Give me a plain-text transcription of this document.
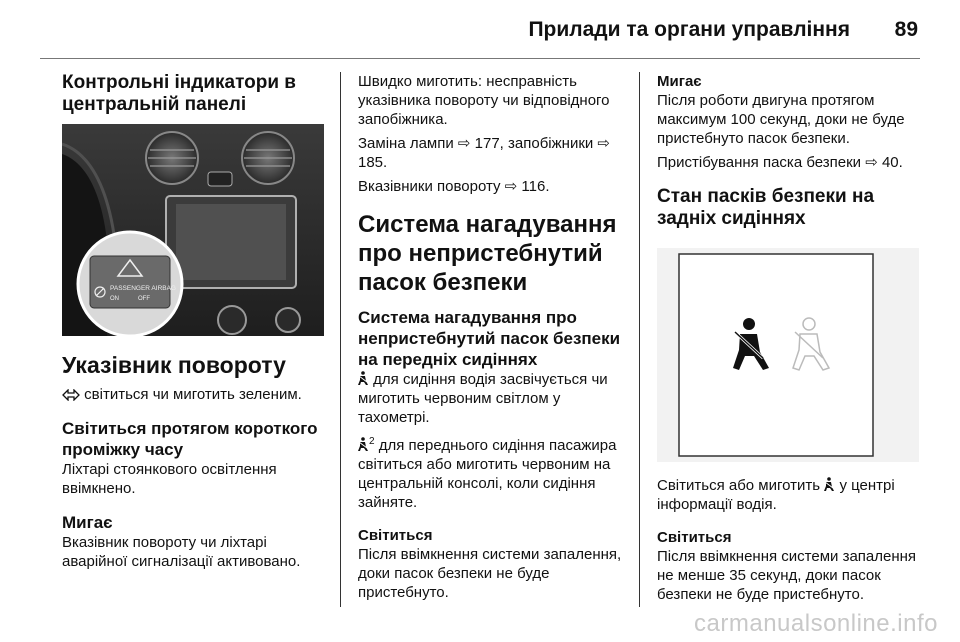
Прилади та органи управління 89
Контрольні індикатори в центральній панелі
PASSENGER AIRBAG
ON	OFF
Указівник повороту

світиться чи миготить зеленим.

Світиться протягом короткого проміжку часу

Ліхтарі стоянкового освітлення ввімкнено.

Мигає

Вказівник повороту чи ліхтарі аварійної сигналізації активовано.

Швидко миготить: несправність указівника повороту чи відповідного запобіжника.

Заміна лампи ⇨ 177, запобіжники ⇨ 185.

Вказівники повороту ⇨ 116.

Система нагадування про непристебнутий пасок безпеки
Система нагадування про непристебнутий пасок безпеки на передніх сидіннях

для сидіння водія засвічується чи миготить червоним світлом у тахометрі.

$^2$ для переднього сидіння пасажира світиться або миготить червоним на центральній консолі, коли сидіння зайняте.

Світиться

Після ввімкнення системи запалення, доки пасок безпеки не буде пристебнуто.

Мигає

Після роботи двигуна протягом максимум 100 секунд, доки не буде пристебнуто пасок безпеки.

Пристібування паска безпеки ⇨ 40.

Стан пасків безпеки на задніх сидіннях

Світиться або миготить у центрі інформації водія.

Світиться

Після ввімкнення системи запалення не менше 35 секунд, доки пасок безпеки не буде пристебнуто.

carmanualsonline.info
